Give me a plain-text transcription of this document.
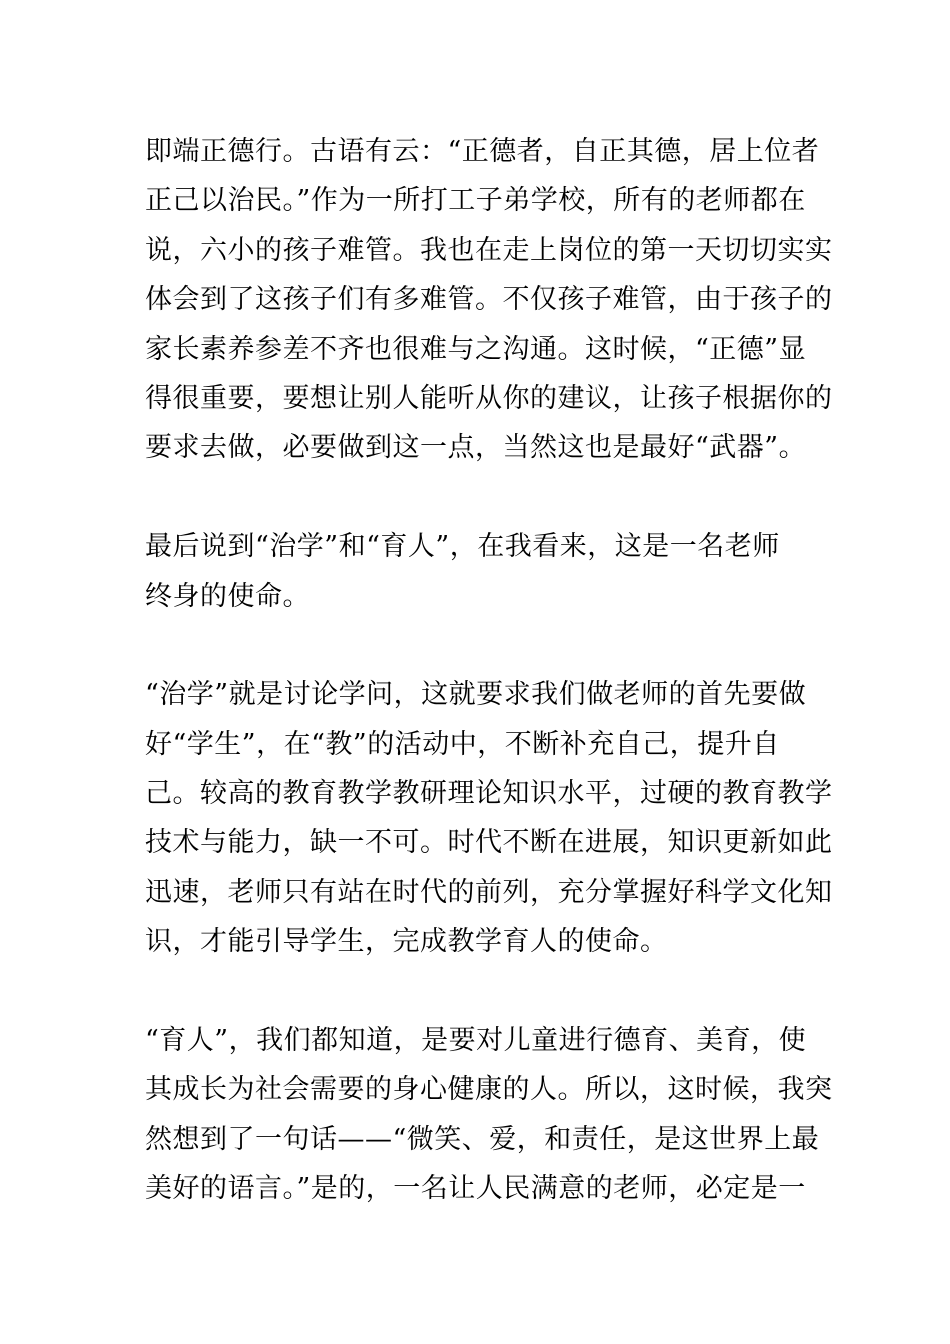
即端正德行。古语有云：“正德者，自正其德，居上位者
正己以治民。”作为一所打工子弟学校，所有的老师都在
说，六小的孩子难管。我也在走上岗位的第一天切切实实
体会到了这孩子们有多难管。不仅孩子难管，由于孩子的
家长素养参差不齐也很难与之沟通。这时候，“正德”显
得很重要，要想让别人能听从你的建议，让孩子根据你的
要求去做，必要做到这一点，当然这也是最好“武器”。

最后说到“治学”和“育人”，在我看来，这是一名老师
终身的使命。

“治学”就是讨论学问，这就要求我们做老师的首先要做
好“学生”，在“教”的活动中，不断补充自己，提升自
己。较高的教育教学教研理论知识水平，过硬的教育教学
技术与能力，缺一不可。时代不断在进展，知识更新如此
迅速，老师只有站在时代的前列，充分掌握好科学文化知
识，才能引导学生，完成教学育人的使命。

“育人”，我们都知道，是要对儿童进行德育、美育，使
其成长为社会需要的身心健康的人。所以，这时候，我突
然想到了一句话——“微笑、爱，和责任，是这世界上最
美好的语言。”是的，一名让人民满意的老师，必定是一
